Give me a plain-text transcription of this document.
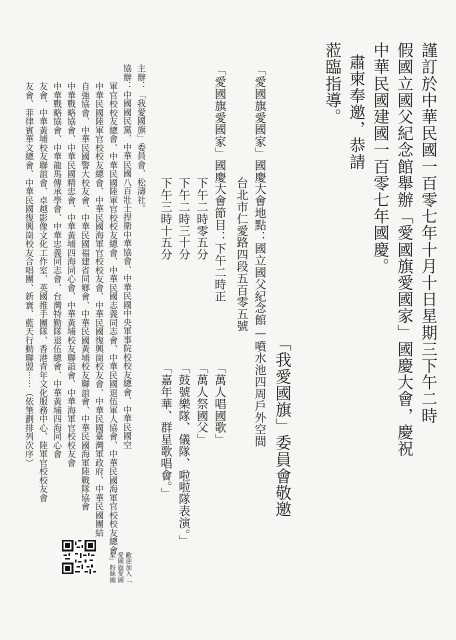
謹訂於中華民國一百零七年十月十日星期三下午二時
假國立國父紀念館舉辦「愛國旗愛國家」國慶大會，慶祝
中華民國建國一百零七年國慶。
肅柬奉邀，恭請
蒞臨指導。
「我愛國旗」委員會敬邀
「愛國旗愛國家」國慶大會地點：國立國父紀念館—噴水池四周戶外空間
台北市仁愛路四段五百零五號
「愛國旗愛國家」國慶大會節目：下午二時正
「萬人唱國歌」
下午二時零五分
「萬人祭國父」
下午二時三十分
「鼓號樂隊、儀隊、啦啦隊表演。」
下午三時十五分
「嘉年華、群星歌唱會。」
主辦：「我愛國旗」委員會、松濤社。
協辦：中國國民黨、中華民國八百壯士捍衛中華協會、中華民國中央軍事院校校友總會、中華民國空
軍官校校友總會、中華民國陸軍官校校友總會、中華民國志義同志會、中華民國退伍軍人協會、中華民國海軍官校校友總會
中華民國陸軍官校校友總會、中華民國海軍官校校友會、中華民國復興崗校友會、中華民國臺灣軍政府、中華民國團結
自強協會、中華民國警大校友會、中華民國福建省同鄉會、中華民國黃埔校友聯誼會、中華民國海軍陸戰隊協會
中華戰略協會、中華民國精忠會、中華黃埔四海同心會、中華黃埔校友聯誼會、中華海軍官校校友會
中華戰略協會、中華龍馬傳承學會、中華忠義同志會、台灣特勤隊退伍總會、中華黃埔四海同心會
友會、中華黃埔校友聯誼會、卓越影像文化工作室、英國推手團隊、香港青年文化服務中心、陸軍官校校友會
友會、菲律賓華文總會、中華民國復興崗校友合唱團、新寰、藍天行動聯盟⋯⋯（依筆劃排列次序）
歡迎加入「
愛國旗愛國
家」粉絲團
